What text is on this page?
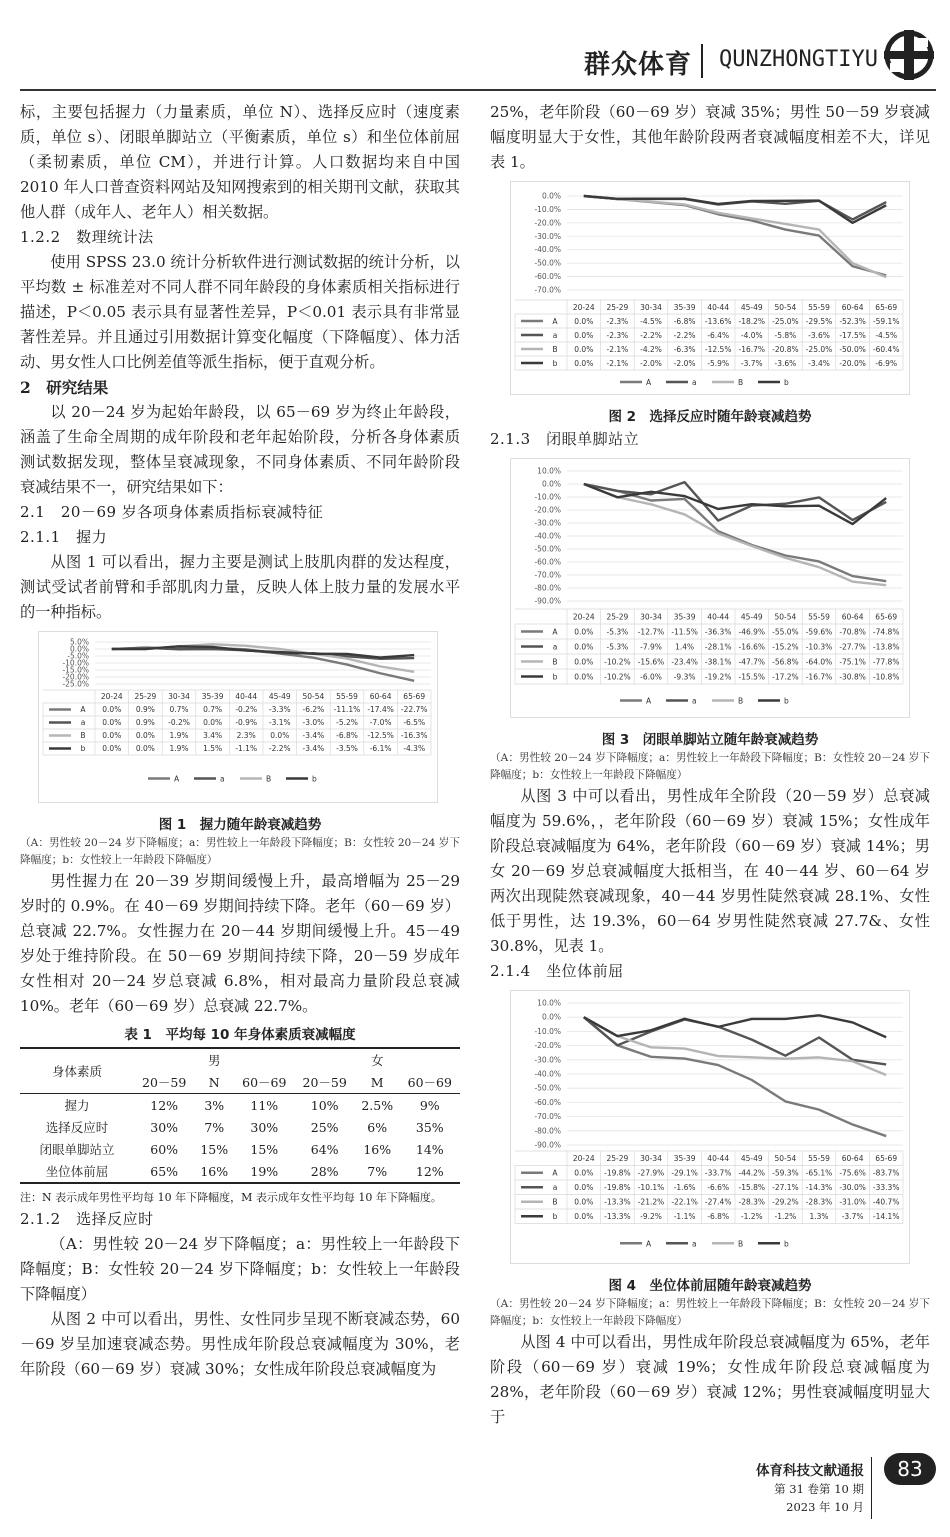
群众体育 QUNZHONGTIYU

标，主要包括握力（力量素质，单位 N）、选择反应时（速度素质，单位 s）、闭眼单脚站立（平衡素质，单位 s）和坐位体前屈（柔韧素质，单位 CM），并进行计算。人口数据均来自中国 2010 年人口普查资料网站及知网搜索到的相关期刊文献，获取其他人群（成年人、老年人）相关数据。

1.2.2　数理统计法

使用 SPSS 23.0 统计分析软件进行测试数据的统计分析，以平均数 ± 标准差对不同人群不同年龄段的身体素质相关指标进行描述，P＜0.05 表示具有显著性差异，P＜0.01 表示具有非常显著性差异。并且通过引用数据计算变化幅度（下降幅度）、体力活动、男女性人口比例差值等派生指标，便于直观分析。

2　研究结果

以 20－24 岁为起始年龄段，以 65－69 岁为终止年龄段，涵盖了生命全周期的成年阶段和老年起始阶段，分析各身体素质测试数据发现，整体呈衰减现象，不同身体素质、不同年龄阶段衰减结果不一，研究结果如下：

2.1　20－69 岁各项身体素质指标衰减特征

2.1.1　握力

从图 1 可以看出，握力主要是测试上肢肌肉群的发达程度，测试受试者前臂和手部肌肉力量，反映人体上肢力量的发展水平的一种指标。

5.0%
0.0%
-5.0%
-10.0%
-15.0%
-20.0%
-25.0%
20-24 25-29 30-34 35-39 40-44 45-49 50-54 55-59 60-64 65-69
A 0.0% 0.9% 0.7% 0.7% -0.2% -3.3% -6.2% -11.1% -17.4% -22.7%
a 0.0% 0.9% -0.2% 0.0% -0.9% -3.1% -3.0% -5.2% -7.0% -6.5%
B 0.0% 0.0% 1.9% 3.4% 2.3% 0.0% -3.4% -6.8% -12.5% -16.3%
b 0.0% 0.0% 1.9% 1.5% -1.1% -2.2% -3.4% -3.5% -6.1% -4.3%
A	a	B	b
图 1　握力随年龄衰减趋势

（A：男性较 20－24 岁下降幅度；a：男性较上一年龄段下降幅度；B：女性较 20－24 岁下降幅度；b：女性较上一年龄段下降幅度）

男性握力在 20－39 岁期间缓慢上升，最高增幅为 25－29 岁时的 0.9%。在 40－69 岁期间持续下降。老年（60－69 岁）总衰减 22.7%。女性握力在 20－44 岁期间缓慢上升。45－49 岁处于维持阶段。在 50－69 岁期间持续下降，20－59 岁成年女性相对 20－24 岁总衰减 6.8%，相对最高力量阶段总衰减 10%。老年（60－69 岁）总衰减 22.7%。

表 1　平均每 10 年身体素质衰减幅度
身体素质	男			女		
	20－59	N	60－69	20－59	M	60－69
握力	12%	3%	11%	10%	2.5%	9%
选择反应时	30%	7%	30%	25%	6%	35%
闭眼单脚站立	60%	15%	15%	64%	16%	14%
坐位体前屈	65%	16%	19%	28%	7%	12%

注：N 表示成年男性平均每 10 年下降幅度，M 表示成年女性平均每 10 年下降幅度。

2.1.2　选择反应时

（A：男性较 20－24 岁下降幅度；a：男性较上一年龄段下降幅度；B：女性较 20－24 岁下降幅度；b：女性较上一年龄段下降幅度）

从图 2 中可以看出，男性、女性同步呈现不断衰减态势，60－69 岁呈加速衰减态势。男性成年阶段总衰减幅度为 30%，老年阶段（60－69 岁）衰减 30%；女性成年阶段总衰减幅度为

25%，老年阶段（60－69 岁）衰减 35%；男性 50－59 岁衰减幅度明显大于女性，其他年龄阶段两者衰减幅度相差不大，详见表 1。

0.0%
-10.0%
-20.0%
-30.0%
-40.0%
-50.0%
-60.0%
-70.0%
20-24 25-29 30-34 35-39 40-44 45-49 50-54 55-59 60-64 65-69
A 0.0% -2.3% -4.5% -6.8% -13.6% -18.2% -25.0% -29.5% -52.3% -59.1%
a 0.0% -2.3% -2.2% -2.2% -6.4% -4.0% -5.8% -3.6% -17.5% -4.5%
B 0.0% -2.1% -4.2% -6.3% -12.5% -16.7% -20.8% -25.0% -50.0% -60.4%
b 0.0% -2.1% -2.0% -2.0% -5.9% -3.7% -3.6% -3.4% -20.0% -6.9%
A	a	B	b
图 2　选择反应时随年龄衰减趋势

2.1.3　闭眼单脚站立

10.0%
0.0%
-10.0%
-20.0%
-30.0%
-40.0%
-50.0%
-60.0%
-70.0%
-80.0%
-90.0%
20-24 25-29 30-34 35-39 40-44 45-49 50-54 55-59 60-64 65-69
A 0.0% -5.3% -12.7% -11.5% -36.3% -46.9% -55.0% -59.6% -70.8% -74.8%
a 0.0% -5.3% -7.9% 1.4% -28.1% -16.6% -15.2% -10.3% -27.7% -13.8%
B 0.0% -10.2% -15.6% -23.4% -38.1% -47.7% -56.8% -64.0% -75.1% -77.8%
b 0.0% -10.2% -6.0% -9.3% -19.2% -15.5% -17.2% -16.7% -30.8% -10.8%
A	a	B	b
图 3　闭眼单脚站立随年龄衰减趋势

（A：男性较 20－24 岁下降幅度；a：男性较上一年龄段下降幅度；B：女性较 20－24 岁下降幅度；b：女性较上一年龄段下降幅度）

从图 3 中可以看出，男性成年全阶段（20－59 岁）总衰减幅度为 59.6%，，老年阶段（60－69 岁）衰减 15%；女性成年阶段总衰减幅度为 64%，老年阶段（60－69 岁）衰减 14%；男女 20－69 岁总衰减幅度大抵相当，在 40－44 岁、60－64 岁两次出现陡然衰减现象，40－44 岁男性陡然衰减 28.1%、女性低于男性，达 19.3%，60－64 岁男性陡然衰减 27.7&、女性 30.8%，见表 1。

2.1.4　坐位体前屈

10.0%
0.0%
-10.0%
-20.0%
-30.0%
-40.0%
-50.0%
-60.0%
-70.0%
-80.0%
-90.0%
20-24 25-29 30-34 35-39 40-44 45-49 50-54 55-59 60-64 65-69
A 0.0% -19.8% -27.9% -29.1% -33.7% -44.2% -59.3% -65.1% -75.6% -83.7%
a 0.0% -19.8% -10.1% -1.6% -6.6% -15.8% -27.1% -14.3% -30.0% -33.3%
B 0.0% -13.3% -21.2% -22.1% -27.4% -28.3% -29.2% -28.3% -31.0% -40.7%
b 0.0% -13.3% -9.2% -1.1% -6.8% -1.2% -1.2% 1.3% -3.7% -14.1%
A	a	B	b
图 4　坐位体前屈随年龄衰减趋势

（A：男性较 20－24 岁下降幅度；a：男性较上一年龄段下降幅度；B：女性较 20－24 岁下降幅度；b：女性较上一年龄段下降幅度）

从图 4 中可以看出，男性成年阶段总衰减幅度为 65%，老年阶段（60－69 岁）衰减 19%；女性成年阶段总衰减幅度为 28%，老年阶段（60－69 岁）衰减 12%；男性衰减幅度明显大于

体育科技文献通报
第 31 卷第 10 期
2023 年 10 月
83
